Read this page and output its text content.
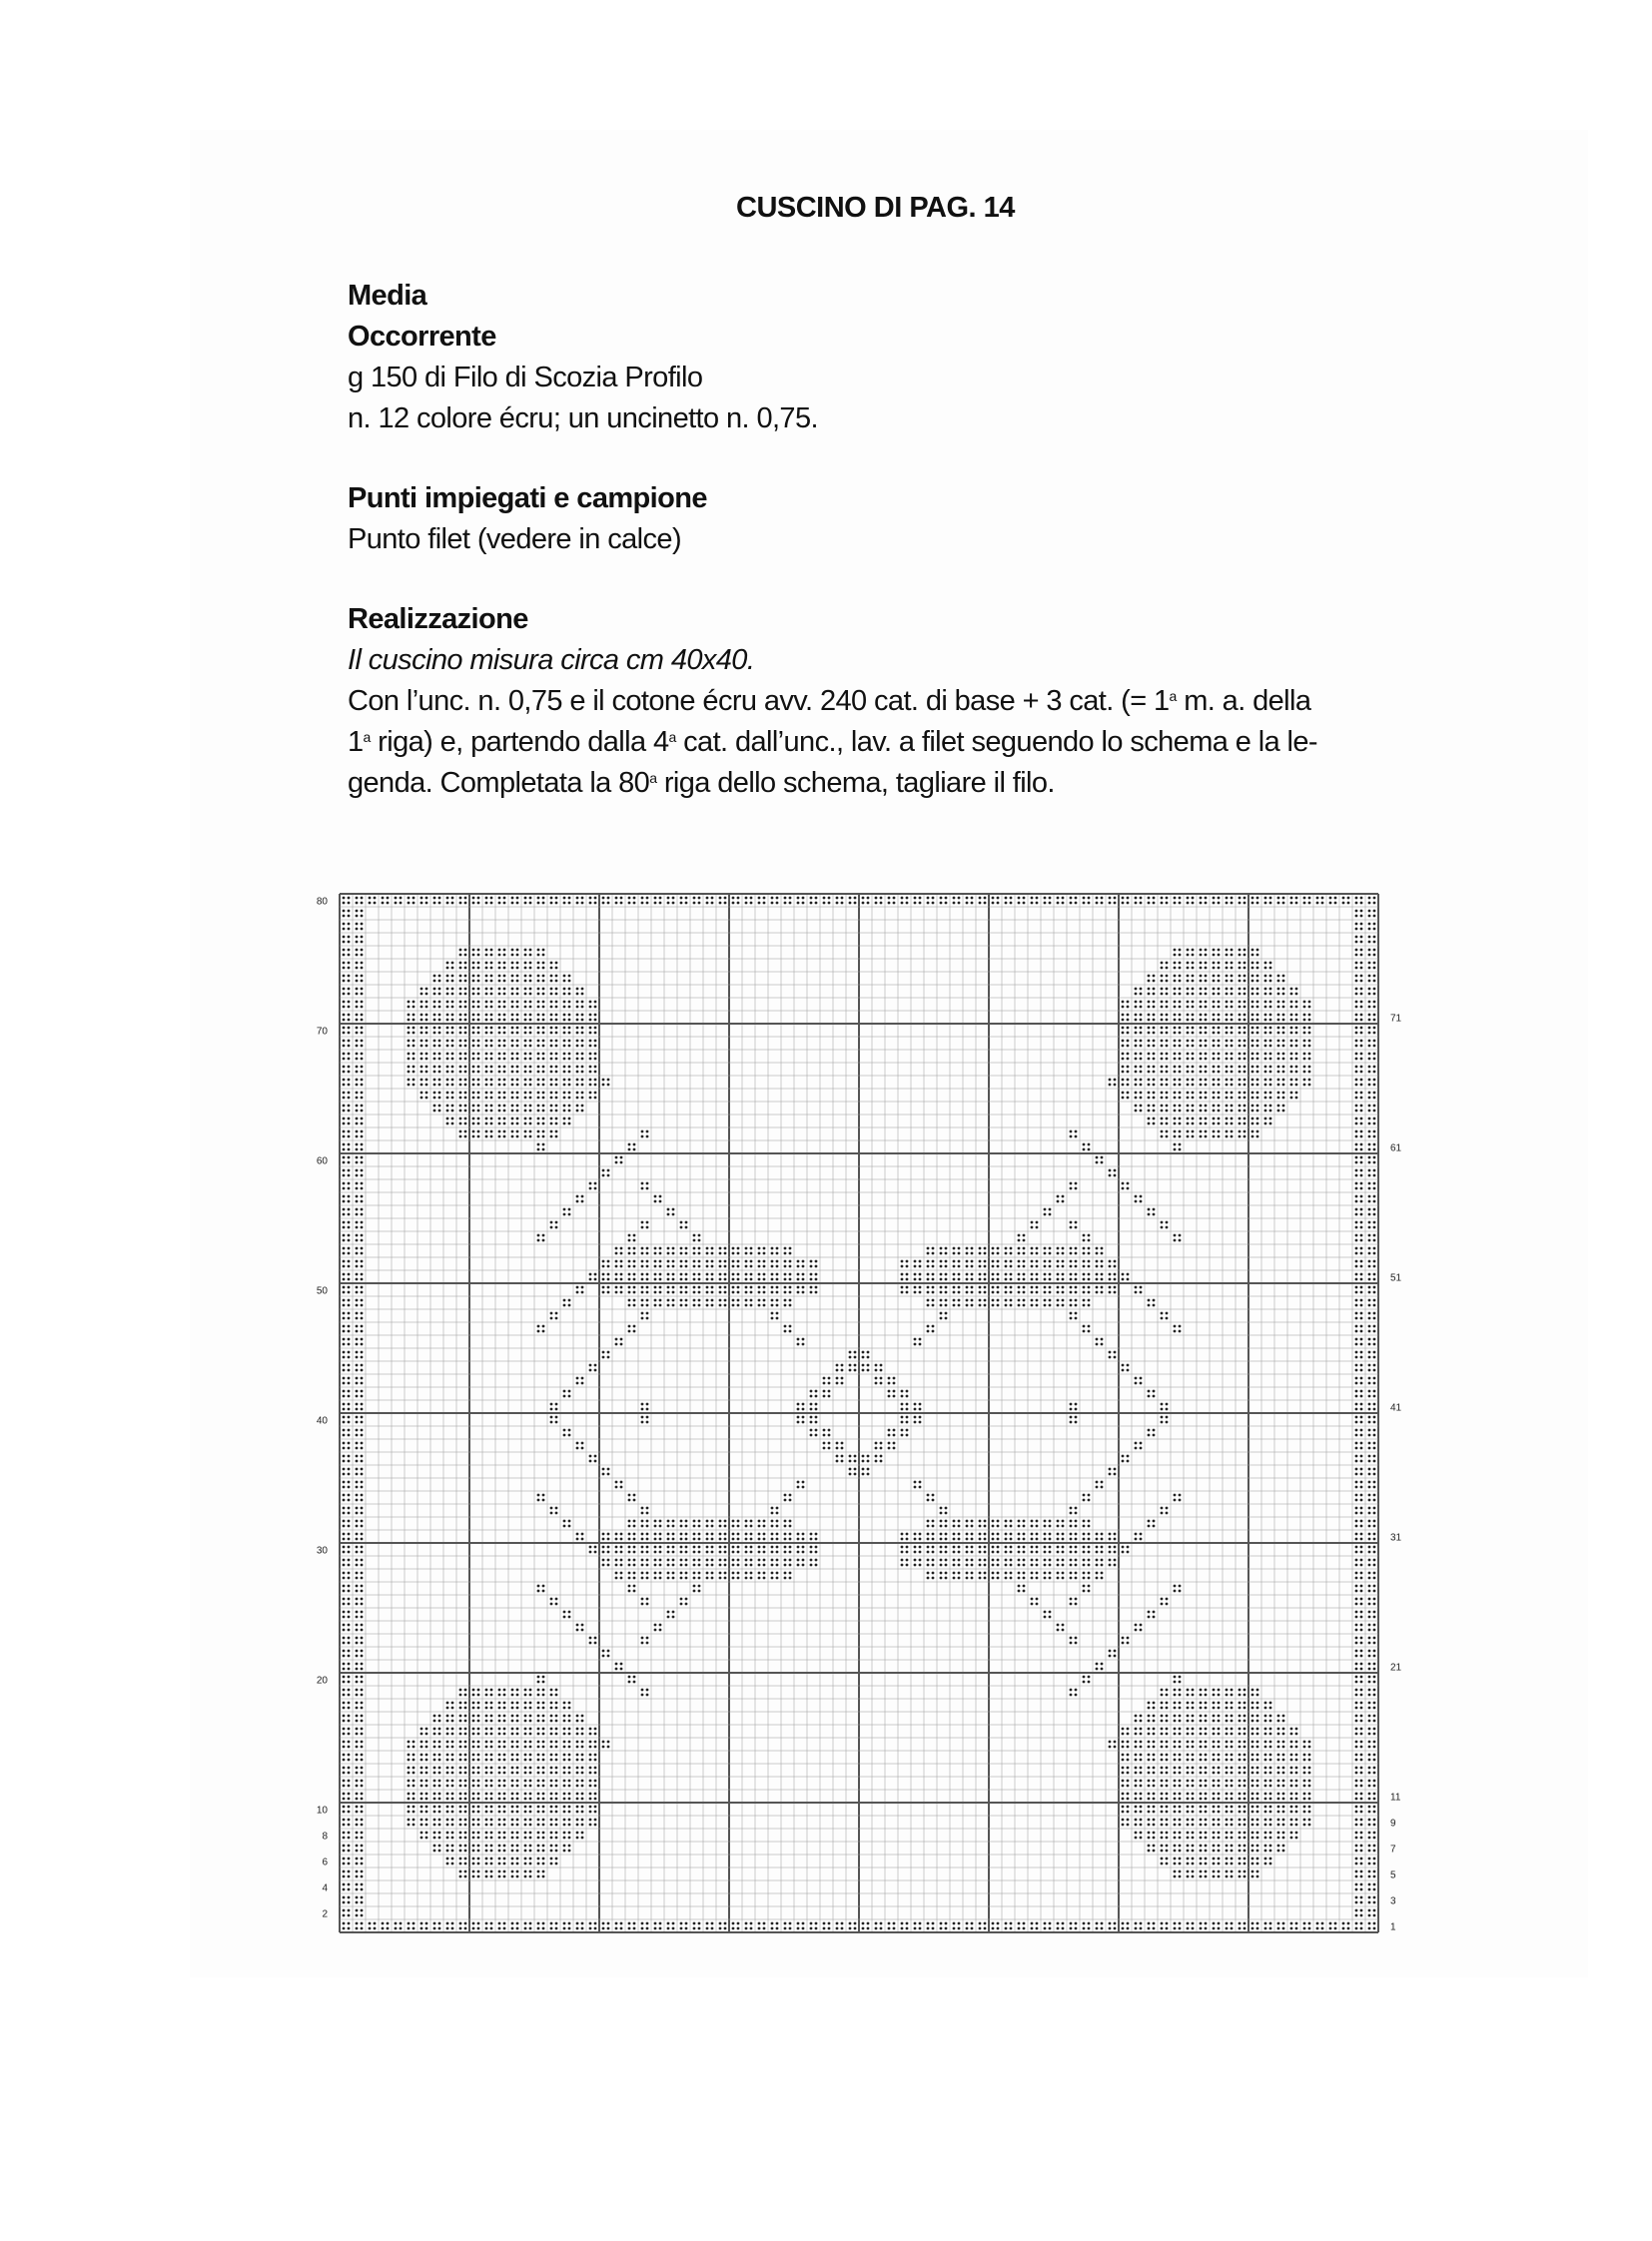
CUSCINO DI PAG. 14
Media
Occorrente
g 150 di Filo di Scozia Profilo
n. 12 colore écru; un uncinetto n. 0,75.
Punti impiegati e campione
Punto filet (vedere in calce)
Realizzazione
Il cuscino misura circa cm 40x40.
Con l’unc. n. 0,75 e il cotone écru avv. 240 cat. di base + 3 cat. (= $1^a$ m. a. della
1$^a$ riga) e, partendo dalla 4$^a$ cat. dall’unc., lav. a filet seguendo lo schema e la le-
genda. Completata la 80$^a$ riga dello schema, tagliare il filo.
80
70
60
50
40
30
20
10
8
6
4
2
71
61
51
41
31
21
11
9
7
5
3
1
